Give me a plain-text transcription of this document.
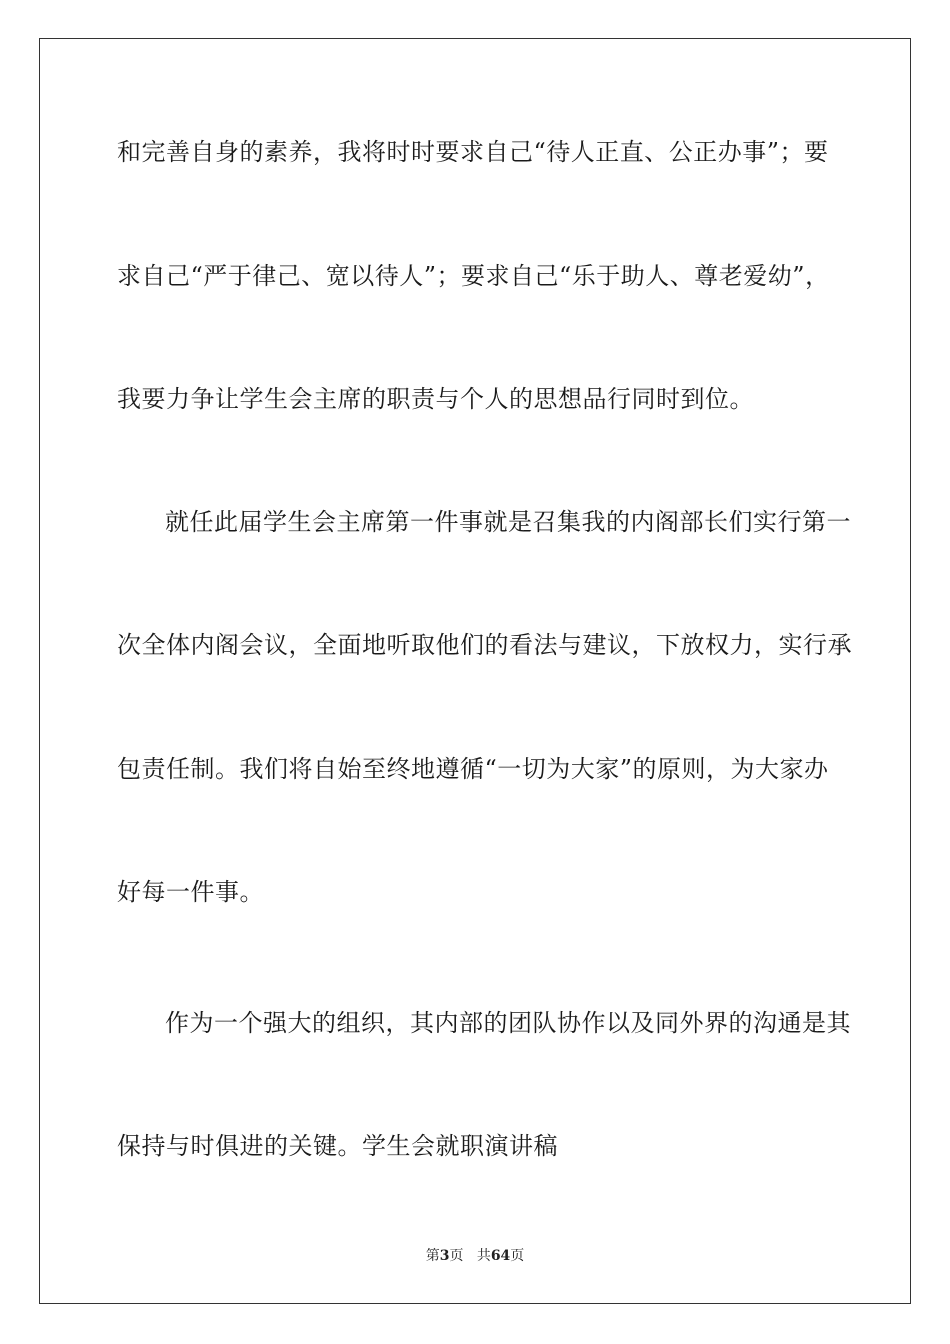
和完善自身的素养，我将时时要求自己“待人正直、公正办事”；要
求自己“严于律己、宽以待人”；要求自己“乐于助人、尊老爱幼”，
我要力争让学生会主席的职责与个人的思想品行同时到位。
就任此届学生会主席第一件事就是召集我的内阁部长们实行第一
次全体内阁会议，全面地听取他们的看法与建议，下放权力，实行承
包责任制。我们将自始至终地遵循“一切为大家”的原则，为大家办
好每一件事。
作为一个强大的组织，其内部的团队协作以及同外界的沟通是其
保持与时俱进的关键。学生会就职演讲稿
第3页 共64页
